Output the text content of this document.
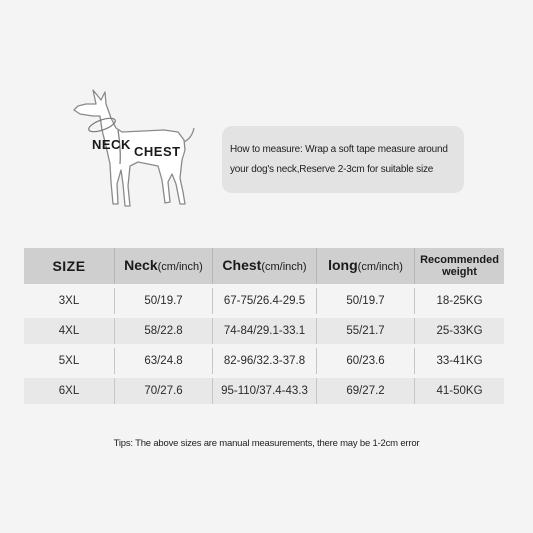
NECK CHEST	How to measure: Wrap a soft tape measure around
your dog's neck,Reserve 2-3cm for suitable size
SIZE	Neck(cm/inch)	Chest(cm/inch)	long(cm/inch)	Recommended weight
3XL	50/19.7	67-75/26.4-29.5	50/19.7	18-25KG
4XL	58/22.8	74-84/29.1-33.1	55/21.7	25-33KG
5XL	63/24.8	82-96/32.3-37.8	60/23.6	33-41KG
6XL	70/27.6	95-110/37.4-43.3	69/27.2	41-50KG
Tips: The above sizes are manual measurements, there may be 1-2cm error
